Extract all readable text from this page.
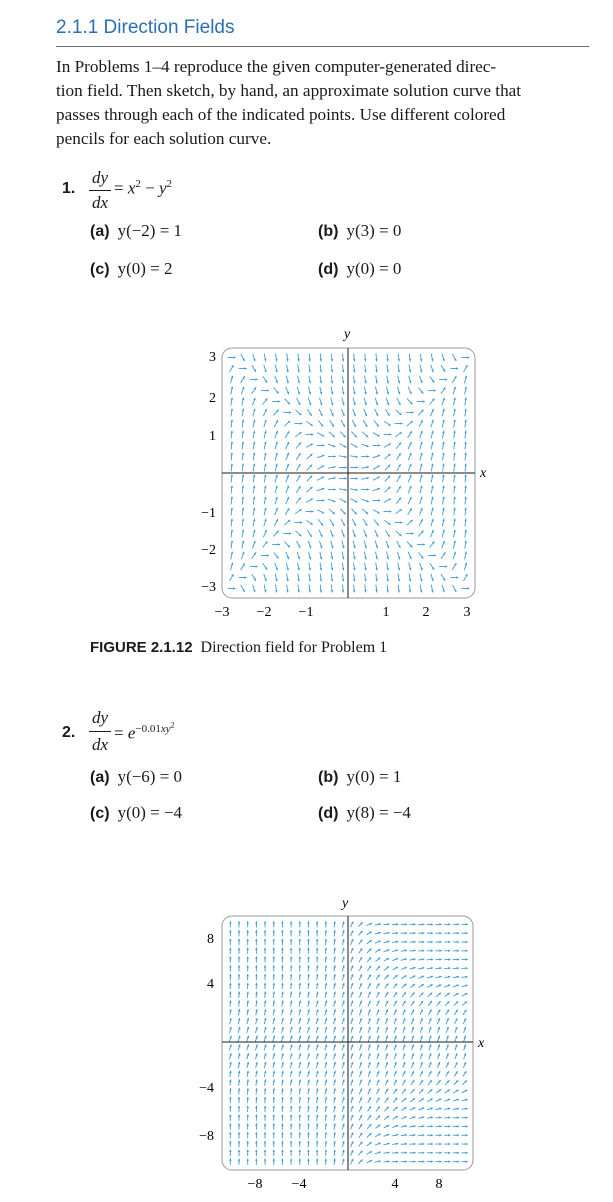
2.1.1 Direction Fields
In Problems 1–4 reproduce the given computer-generated direc-
tion field. Then sketch, by hand, an approximate solution curve that
passes through each of the indicated points. Use different colored
pencils for each solution curve.
1.
dy
dx
= $x^2 - y^2$
(a) y(−2) = 1	(b) y(3) = 0
(c) y(0) = 2	(d) y(0) = 0
x
y
−3 −2 −1	1 2 3
3
2
1
−1
−2
−3
FIGURE 2.1.12 Direction field for Problem 1
2.
dy
dx
= $e^{-0.01xy^2}$
(a) y(−6) = 0	(b) y(0) = 1
(c) y(0) = −4	(d) y(8) = −4
x
y
−8 −4	4	8
8
4
−4
−8
